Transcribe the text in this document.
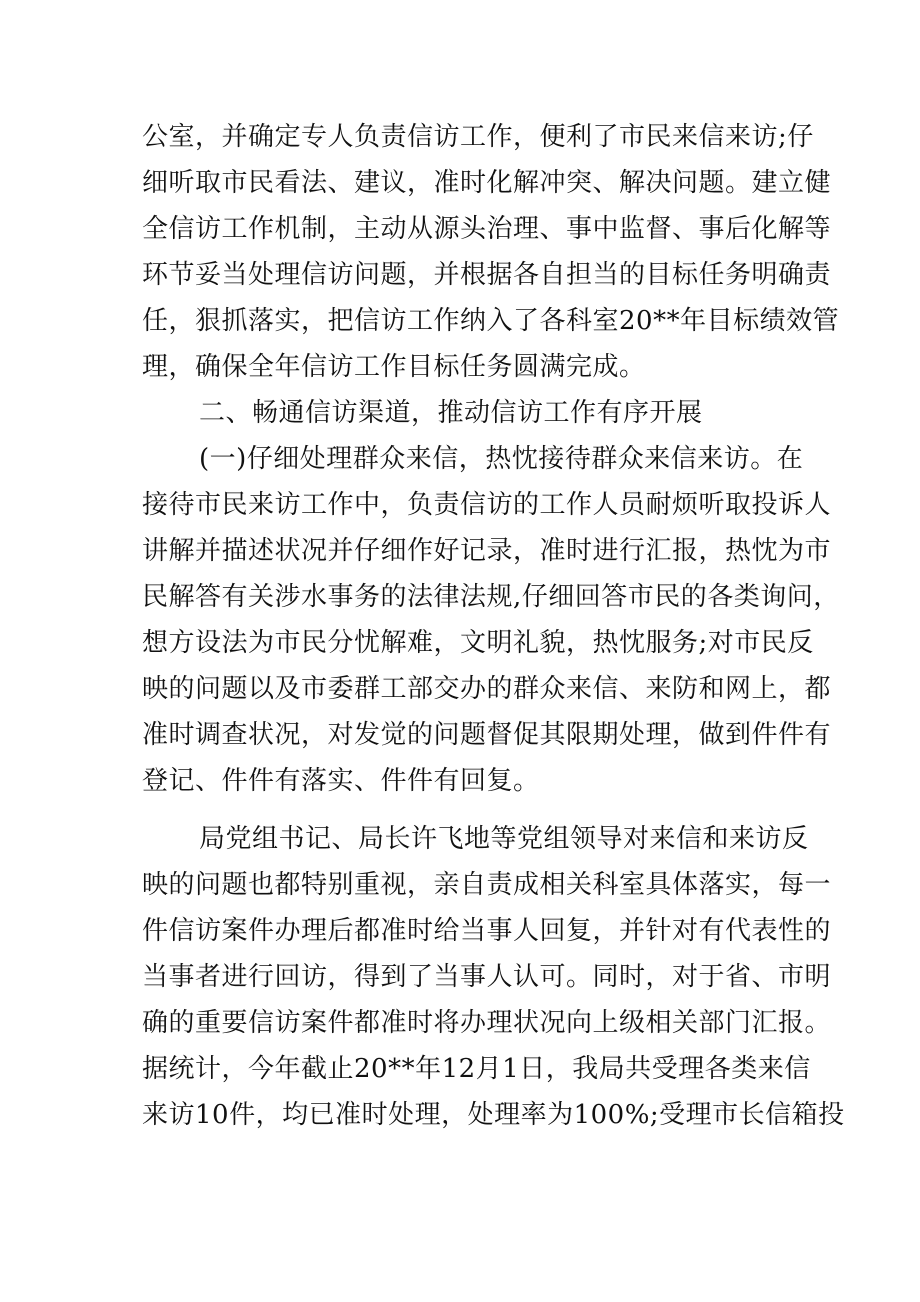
公室，并确定专人负责信访工作，便利了市民来信来访;仔
细听取市民看法、建议，准时化解冲突、解决问题。建立健
全信访工作机制，主动从源头治理、事中监督、事后化解等
环节妥当处理信访问题，并根据各自担当的目标任务明确责
任，狠抓落实，把信访工作纳入了各科室20**年目标绩效管
理，确保全年信访工作目标任务圆满完成。
二、畅通信访渠道，推动信访工作有序开展
(一)仔细处理群众来信，热忱接待群众来信来访。在
接待市民来访工作中，负责信访的工作人员耐烦听取投诉人
讲解并描述状况并仔细作好记录，准时进行汇报，热忱为市
民解答有关涉水事务的法律法规,仔细回答市民的各类询问，
想方设法为市民分忧解难，文明礼貌，热忱服务;对市民反
映的问题以及市委群工部交办的群众来信、来防和网上，都
准时调查状况，对发觉的问题督促其限期处理，做到件件有
登记、件件有落实、件件有回复。
局党组书记、局长许飞地等党组领导对来信和来访反
映的问题也都特别重视，亲自责成相关科室具体落实，每一
件信访案件办理后都准时给当事人回复，并针对有代表性的
当事者进行回访，得到了当事人认可。同时，对于省、市明
确的重要信访案件都准时将办理状况向上级相关部门汇报。
据统计，今年截止20**年12月1日，我局共受理各类来信
来访10件，均已准时处理，处理率为100%;受理市长信箱投
